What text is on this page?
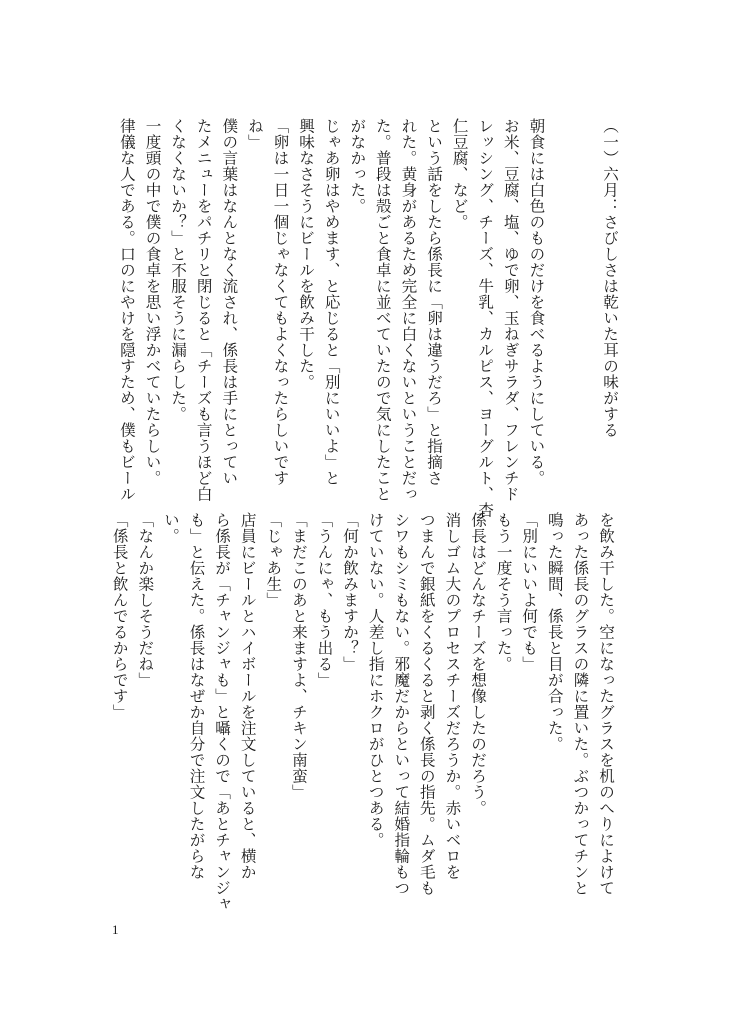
（一）六月：さびしさは乾いた耳の味がする

朝食には白色のものだけを食べるようにしている。

お米、豆腐、塩、ゆで卵、玉ねぎサラダ、フレンチド

レッシング、チーズ、牛乳、カルピス、ヨーグルト、杏

仁豆腐、など。

という話をしたら係長に「卵は違うだろ」と指摘さ

れた。黄身があるため完全に白くないということだっ

た。普段は殻ごと食卓に並べていたので気にしたこと

がなかった。

じゃあ卵はやめます、と応じると「別にいいよ」と

興味なさそうにビールを飲み干した。

「卵は一日一個じゃなくてもよくなったらしいです

ね」

僕の言葉はなんとなく流され、係長は手にとってい

たメニューをパチリと閉じると「チーズも言うほど白

くなくないか？」と不服そうに漏らした。

一度頭の中で僕の食卓を思い浮かべていたらしい。

律儀な人である。口のにやけを隠すため、僕もビール

を飲み干した。空になったグラスを机のへりによけて

あった係長のグラスの隣に置いた。ぶつかってチンと

鳴った瞬間、係長と目が合った。

「別にいいよ何でも」

もう一度そう言った。

係長はどんなチーズを想像したのだろう。

消しゴム大のプロセスチーズだろうか。赤いベロを

つまんで銀紙をくるくると剥く係長の指先。ムダ毛も

シワもシミもない。邪魔だからといって結婚指輪もつ

けていない。人差し指にホクロがひとつある。

「何か飲みますか？」

「うんにゃ、もう出る」

「まだこのあと来ますよ、チキン南蛮」

「じゃあ生」

店員にビールとハイボールを注文していると、横か

ら係長が「チャンジャも」と囁くので「あとチャンジャ

も」と伝えた。係長はなぜか自分で注文したがらな

い。

「なんか楽しそうだね」

「係長と飲んでるからです」

1
